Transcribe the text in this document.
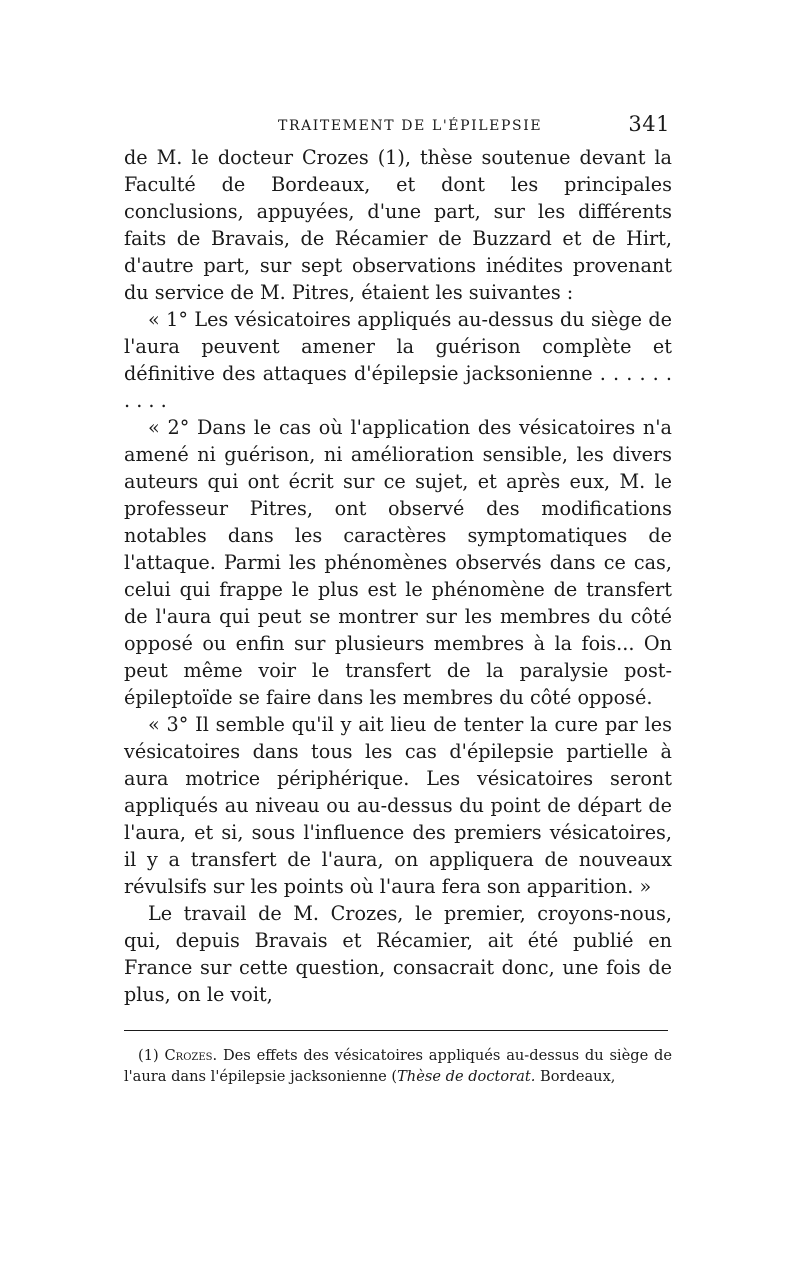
TRAITEMENT DE L'ÉPILEPSIE	341

de M. le docteur Crozes (1), thèse soutenue devant la Faculté de Bordeaux, et dont les principales conclusions, appuyées, d'une part, sur les différents faits de Bravais, de Récamier de Buzzard et de Hirt, d'autre part, sur sept observations inédites provenant du service de M. Pitres, étaient les suivantes :

« 1° Les vésicatoires appliqués au-dessus du siège de l'aura peuvent amener la guérison complète et définitive des attaques d'épilepsie jacksonienne . . . . . . . . . .

« 2° Dans le cas où l'application des vésicatoires n'a amené ni guérison, ni amélioration sensible, les divers auteurs qui ont écrit sur ce sujet, et après eux, M. le professeur Pitres, ont observé des modifications notables dans les caractères symptomatiques de l'attaque. Parmi les phénomènes observés dans ce cas, celui qui frappe le plus est le phénomène de transfert de l'aura qui peut se montrer sur les membres du côté opposé ou enfin sur plusieurs membres à la fois... On peut même voir le transfert de la paralysie post-épileptoïde se faire dans les membres du côté opposé.

« 3° Il semble qu'il y ait lieu de tenter la cure par les vésicatoires dans tous les cas d'épilepsie partielle à aura motrice périphérique. Les vésicatoires seront appliqués au niveau ou au-dessus du point de départ de l'aura, et si, sous l'influence des premiers vésicatoires, il y a transfert de l'aura, on appliquera de nouveaux révulsifs sur les points où l'aura fera son apparition. »

Le travail de M. Crozes, le premier, croyons-nous, qui, depuis Bravais et Récamier, ait été publié en France sur cette question, consacrait donc, une fois de plus, on le voit,

(1) Crozes. Des effets des vésicatoires appliqués au-dessus du siège de l'aura dans l'épilepsie jacksonienne (Thèse de doctorat. Bordeaux,
